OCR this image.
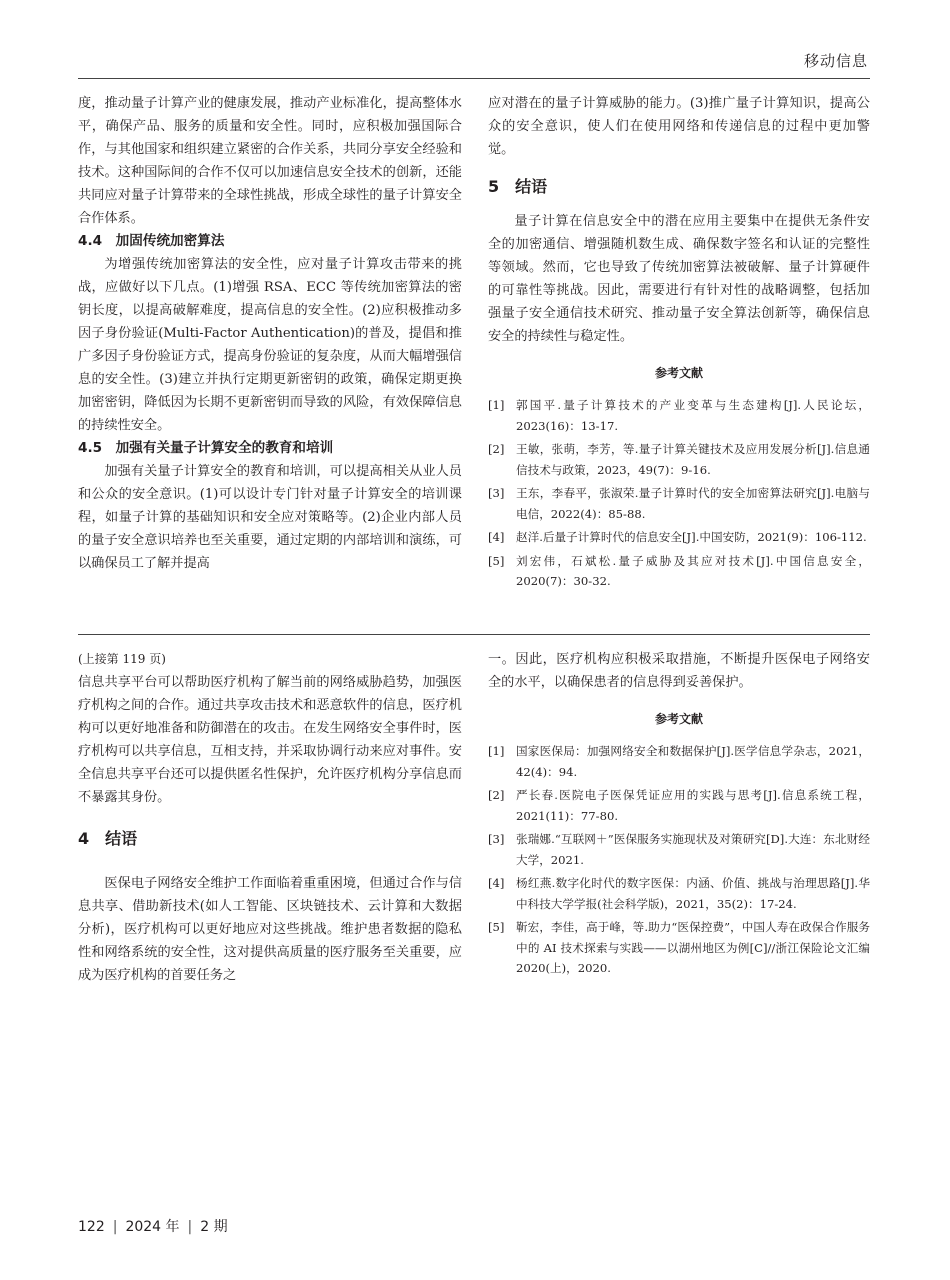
移动信息

度，推动量子计算产业的健康发展，推动产业标准化，提高整体水平，确保产品、服务的质量和安全性。同时，应积极加强国际合作，与其他国家和组织建立紧密的合作关系，共同分享安全经验和技术。这种国际间的合作不仅可以加速信息安全技术的创新，还能共同应对量子计算带来的全球性挑战，形成全球性的量子计算安全合作体系。

4.4　加固传统加密算法

为增强传统加密算法的安全性，应对量子计算攻击带来的挑战，应做好以下几点。(1)增强 RSA、ECC 等传统加密算法的密钥长度，以提高破解难度，提高信息的安全性。(2)应积极推动多因子身份验证(Multi-Factor Authentication)的普及，提倡和推广多因子身份验证方式，提高身份验证的复杂度，从而大幅增强信息的安全性。(3)建立并执行定期更新密钥的政策，确保定期更换加密密钥，降低因为长期不更新密钥而导致的风险，有效保障信息的持续性安全。

4.5　加强有关量子计算安全的教育和培训

加强有关量子计算安全的教育和培训，可以提高相关从业人员和公众的安全意识。(1)可以设计专门针对量子计算安全的培训课程，如量子计算的基础知识和安全应对策略等。(2)企业内部人员的量子安全意识培养也至关重要，通过定期的内部培训和演练，可以确保员工了解并提高

应对潜在的量子计算威胁的能力。(3)推广量子计算知识，提高公众的安全意识，使人们在使用网络和传递信息的过程中更加警觉。

5　结语

量子计算在信息安全中的潜在应用主要集中在提供无条件安全的加密通信、增强随机数生成、确保数字签名和认证的完整性等领域。然而，它也导致了传统加密算法被破解、量子计算硬件的可靠性等挑战。因此，需要进行有针对性的战略调整，包括加强量子安全通信技术研究、推动量子安全算法创新等，确保信息安全的持续性与稳定性。

参考文献

[1] 郭国平.量子计算技术的产业变革与生态建构[J].人民论坛，2023(16)：13-17.
[2] 王敏，张萌，李芳，等.量子计算关键技术及应用发展分析[J].信息通信技术与政策，2023，49(7)：9-16.
[3] 王东，李春平，张淑荣.量子计算时代的安全加密算法研究[J].电脑与电信，2022(4)：85-88.
[4] 赵洋.后量子计算时代的信息安全[J].中国安防，2021(9)：106-112.
[5] 刘宏伟，石斌松.量子威胁及其应对技术[J].中国信息安全，2020(7)：30-32.

(上接第 119 页)

信息共享平台可以帮助医疗机构了解当前的网络威胁趋势，加强医疗机构之间的合作。通过共享攻击技术和恶意软件的信息，医疗机构可以更好地准备和防御潜在的攻击。在发生网络安全事件时，医疗机构可以共享信息，互相支持，并采取协调行动来应对事件。安全信息共享平台还可以提供匿名性保护，允许医疗机构分享信息而不暴露其身份。

4　结语

医保电子网络安全维护工作面临着重重困境，但通过合作与信息共享、借助新技术(如人工智能、区块链技术、云计算和大数据分析)，医疗机构可以更好地应对这些挑战。维护患者数据的隐私性和网络系统的安全性，这对提供高质量的医疗服务至关重要，应成为医疗机构的首要任务之

一。因此，医疗机构应积极采取措施，不断提升医保电子网络安全的水平，以确保患者的信息得到妥善保护。

参考文献

[1] 国家医保局：加强网络安全和数据保护[J].医学信息学杂志，2021，42(4)：94.
[2] 严长春.医院电子医保凭证应用的实践与思考[J].信息系统工程，2021(11)：77-80.
[3] 张瑞娜.“互联网＋”医保服务实施现状及对策研究[D].大连：东北财经大学，2021.
[4] 杨红燕.数字化时代的数字医保：内涵、价值、挑战与治理思路[J].华中科技大学学报(社会科学版)，2021，35(2)：17-24.
[5] 靳宏，李佳，高于峰，等.助力“医保控费”，中国人寿在政保合作服务中的 AI 技术探索与实践——以湖州地区为例[C]//浙江保险论文汇编 2020(上)，2020.
122 | 2024 年 | 2 期
